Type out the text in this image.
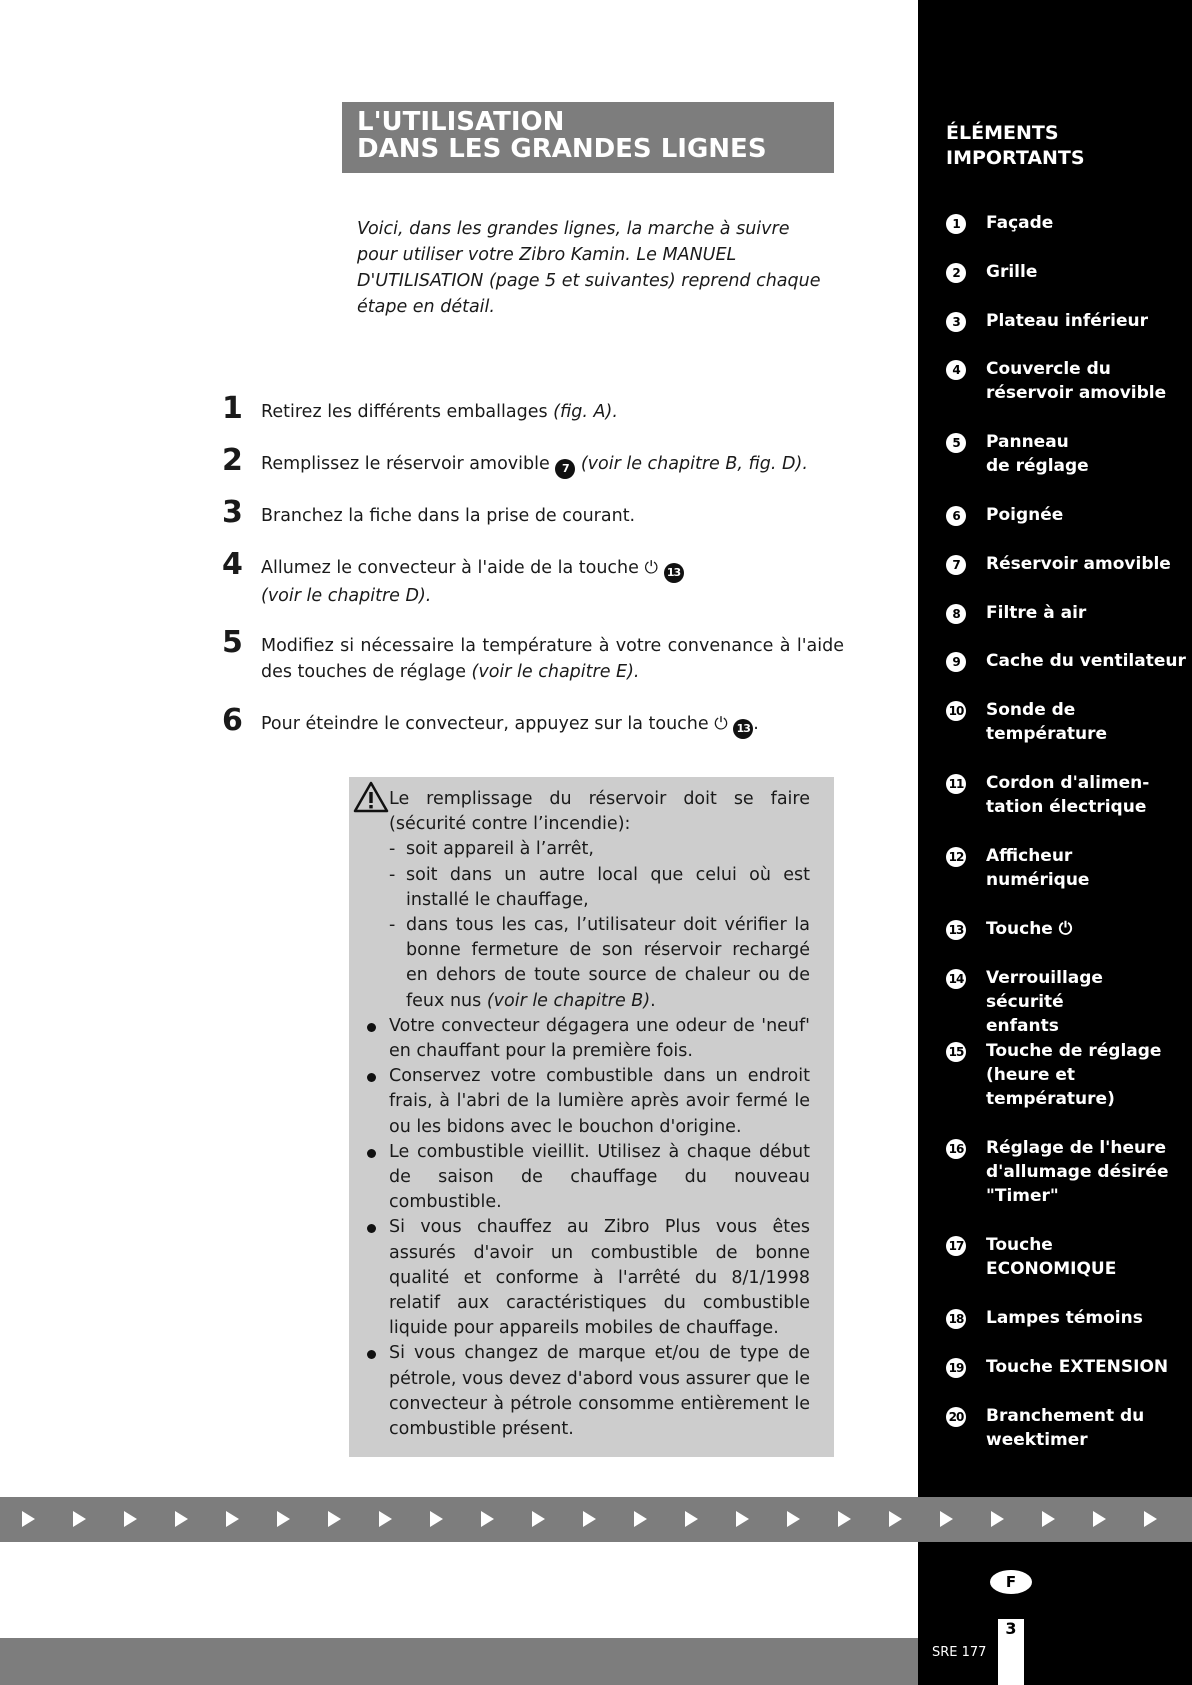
L'UTILISATION
DANS LES GRANDES LIGNES

Voici, dans les grandes lignes, la marche à suivre pour utiliser votre Zibro Kamin. Le MANUEL D'UTILISATION (page 5 et suivantes) reprend chaque étape en détail.

1 Retirez les différents emballages (fig. A).
2 Remplissez le réservoir amovible 7 (voir le chapitre B, fig. D).
3 Branchez la fiche dans la prise de courant.
4 Allumez le convecteur à l'aide de la touche ⏻ 13
(voir le chapitre D).
5 Modifiez si nécessaire la température à votre convenance à l'aide des touches de réglage (voir le chapitre E).
6 Pour éteindre le convecteur, appuyez sur la touche ⏻ 13 .
Le remplissage du réservoir doit se faire (sécurité contre l’incendie):
- soit appareil à l’arrêt,
- soit dans un autre local que celui où est installé le chauffage,
- dans tous les cas, l’utilisateur doit vérifier la bonne fermeture de son réservoir rechargé en dehors de toute source de chaleur ou de feux nus (voir le chapitre B).
Votre convecteur dégagera une odeur de 'neuf' en chauffant pour la première fois.
Conservez votre combustible dans un endroit frais, à l'abri de la lumière après avoir fermé le ou les bidons avec le bouchon d'origine.
Le combustible vieillit. Utilisez à chaque début de saison de chauffage du nouveau combustible.
Si vous chauffez au Zibro Plus vous êtes assurés d'avoir un combustible de bonne qualité et conforme à l'arrêté du 8/1/1998 relatif aux caractéristiques du combustible liquide pour appareils mobiles de chauffage.
Si vous changez de marque et/ou de type de pétrole, vous devez d'abord vous assurer que le convecteur à pétrole consomme entièrement le combustible présent.
ÉLÉMENTS
IMPORTANTS
1	Façade
2	Grille
3	Plateau inférieur
4	Couvercle du
réservoir amovible
5	Panneau
de réglage
6	Poignée
7	Réservoir amovible
8	Filtre à air
9	Cache du ventilateur
10 Sonde de
température
11 Cordon d'alimen-
tation électrique
12 Afficheur
numérique
13 Touche ⏻
14 Verrouillage sécurité
enfants
15 Touche de réglage
(heure et
température)
16 Réglage de l'heure
d'allumage désirée
"Timer"
17 Touche
ECONOMIQUE
18 Lampes témoins
19 Touche EXTENSION
20 Branchement du
weektimer
F
SRE 177
3
